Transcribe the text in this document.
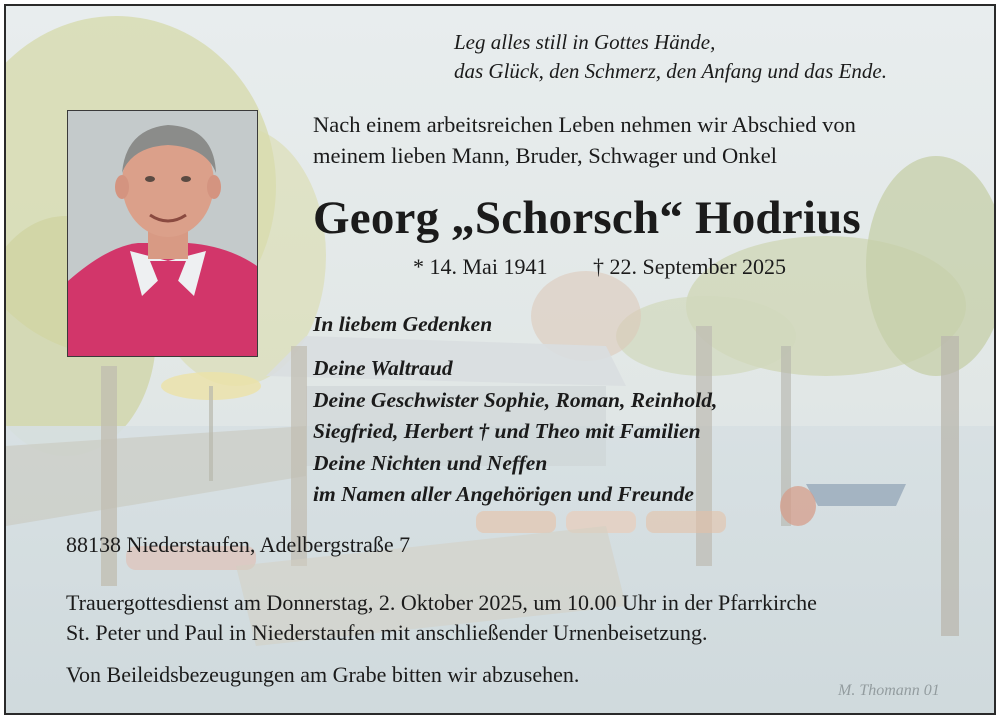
Leg alles still in Gottes Hände,
das Glück, den Schmerz, den Anfang und das Ende.
Nach einem arbeitsreichen Leben nehmen wir Abschied von
meinem lieben Mann, Bruder, Schwager und Onkel
Georg „Schorsch“ Hodrius
* 14. Mai 1941 † 22. September 2025
In liebem Gedenken
Deine Waltraud
Deine Geschwister Sophie, Roman, Reinhold,
Siegfried, Herbert † und Theo mit Familien
Deine Nichten und Neffen
im Namen aller Angehörigen und Freunde
88138 Niederstaufen, Adelbergstraße 7
Trauergottesdienst am Donnerstag, 2. Oktober 2025, um 10.00 Uhr in der Pfarrkirche
St. Peter und Paul in Niederstaufen mit anschließender Urnenbeisetzung.
Von Beileidsbezeugungen am Grabe bitten wir abzusehen.
M. Thomann 01
